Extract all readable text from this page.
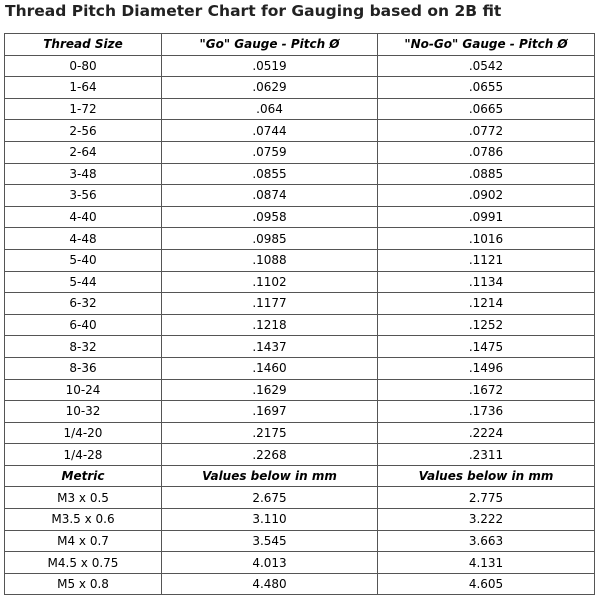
Thread Pitch Diameter Chart for Gauging based on 2B fit
Thread Size	"Go" Gauge - Pitch Ø	"No-Go" Gauge - Pitch Ø
0-80	.0519	.0542
1-64	.0629	.0655
1-72	.064	.0665
2-56	.0744	.0772
2-64	.0759	.0786
3-48	.0855	.0885
3-56	.0874	.0902
4-40	.0958	.0991
4-48	.0985	.1016
5-40	.1088	.1121
5-44	.1102	.1134
6-32	.1177	.1214
6-40	.1218	.1252
8-32	.1437	.1475
8-36	.1460	.1496
10-24	.1629	.1672
10-32	.1697	.1736
1/4-20	.2175	.2224
1/4-28	.2268	.2311
Metric	Values below in mm	Values below in mm
M3 x 0.5	2.675	2.775
M3.5 x 0.6	3.110	3.222
M4 x 0.7	3.545	3.663
M4.5 x 0.75	4.013	4.131
M5 x 0.8	4.480	4.605
